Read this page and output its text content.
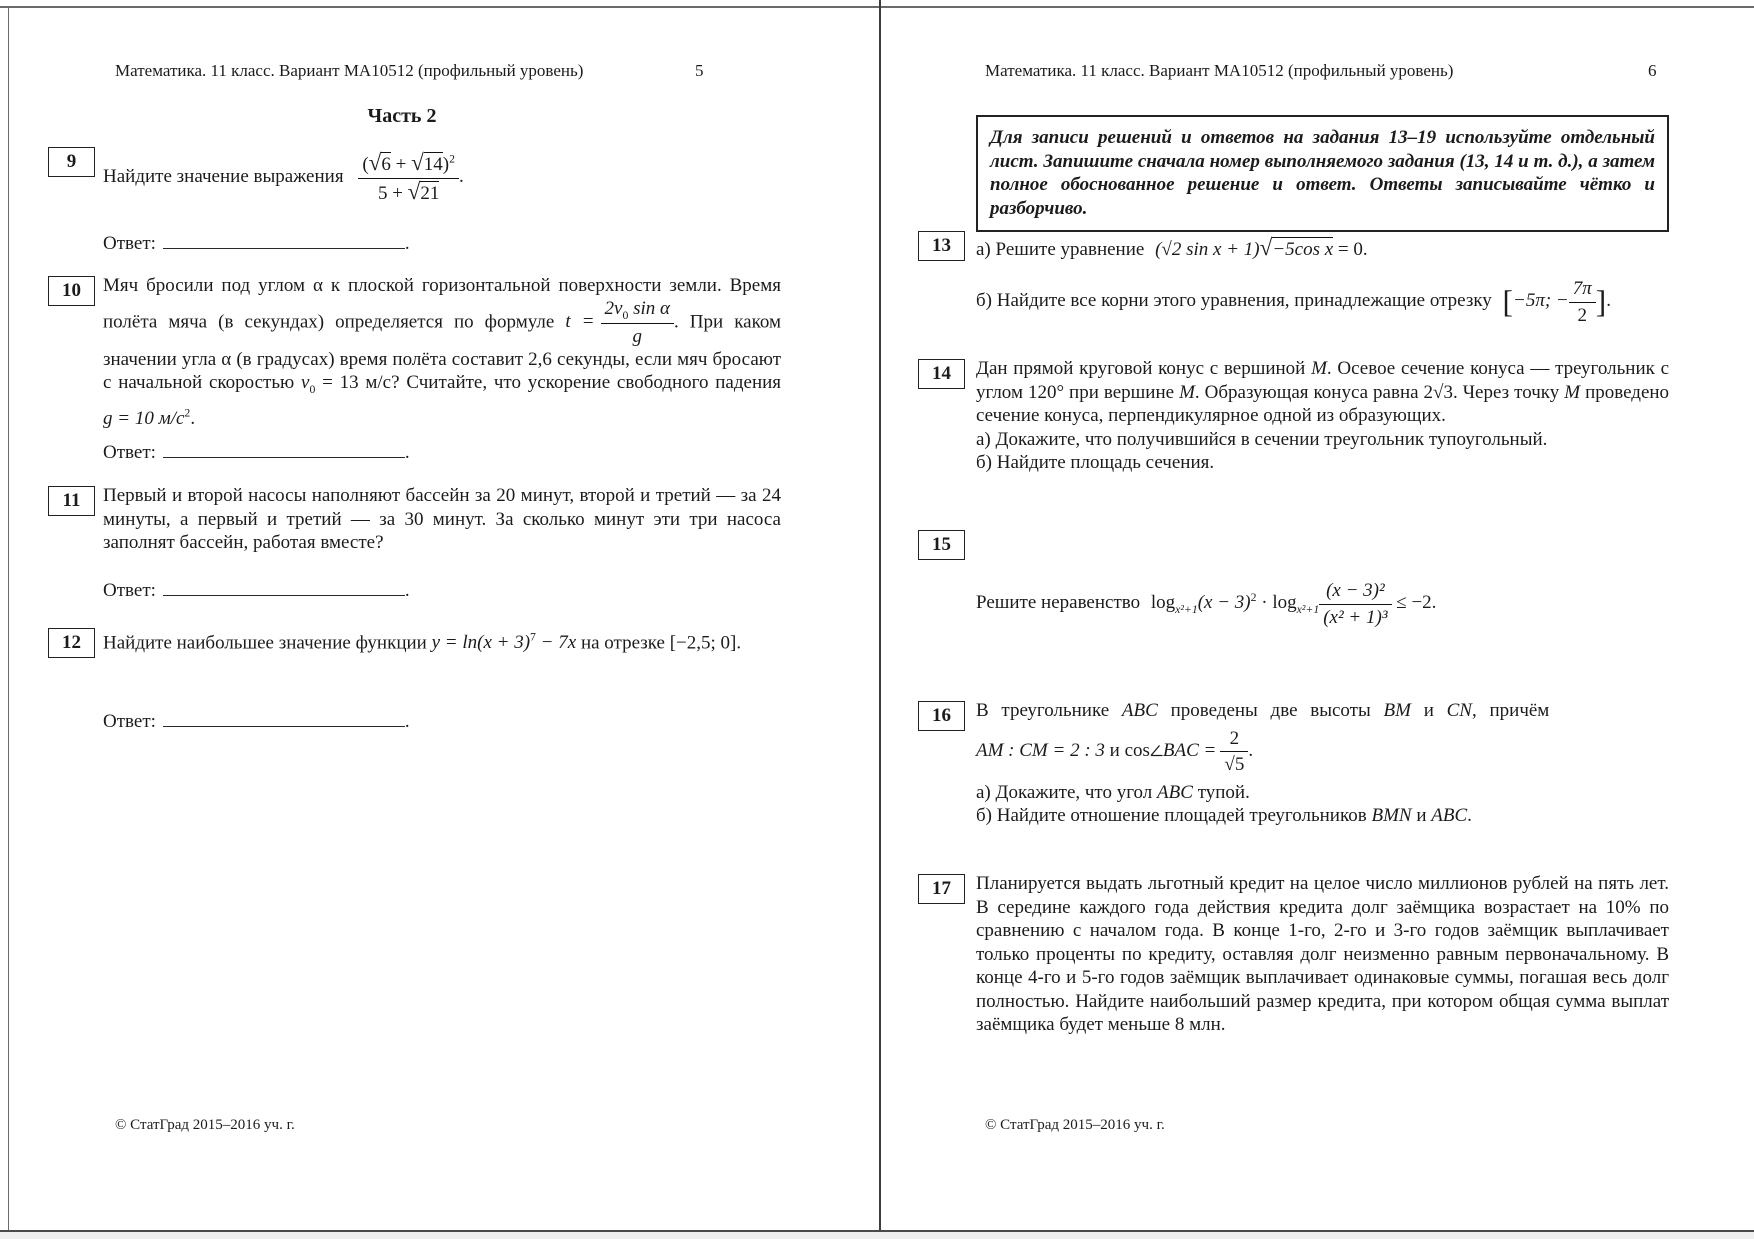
Математика. 11 класс. Вариант МА10512 (профильный уровень)	5
Часть 2
9
Найдите значение выражения $\frac{(√6 + √14)^2}{5 + √21}$ .
Ответ:	.
10 Мяч бросили под углом α к плоской горизонтальной поверхности земли. Время полёта мяча (в секундах) определяется по формуле $t = \frac{2v_0 \sin \alpha}{g}$ . При каком значении угла α (в градусах) время полёта составит 2,6 секунды, если мяч бросают с начальной скоростью $v_0 = 13$ м/с? Считайте, что ускорение свободного падения g = 10 $м/с^2$.

Ответ:	.
11 Первый и второй насосы наполняют бассейн за 20 минут, второй и третий — за 24 минуты, а первый и третий — за 30 минут. За сколько минут эти три насоса заполнят бассейн, работая вместе?

Ответ:	.
12 Найдите наибольшее значение функции $y = \ln(x + 3)^7 - 7x$ на отрезке [−2,5; 0].

Ответ:	.
© СтатГрад 2015–2016 уч. г.
Математика. 11 класс. Вариант МА10512 (профильный уровень)	6

Для записи решений и ответов на задания 13–19 используйте отдельный лист. Запишите сначала номер выполняемого задания (13, 14 и т. д.), а затем полное обоснованное решение и ответ. Ответы записывайте чётко и разборчиво.

13 а) Решите уравнение (√2 sin x + 1)√−5cos x = 0.
б) Найдите все корни этого уравнения, принадлежащие отрезку [−5π; − $\frac{7\pi}{2}$ ].
14 Дан прямой круговой конус с вершиной M. Осевое сечение конуса — треугольник с углом 120° при вершине M. Образующая конуса равна 2√3. Через точку M проведено сечение конуса, перпендикулярное одной из образующих.

а) Докажите, что получившийся в сечении треугольник тупоугольный.
б) Найдите площадь сечения.
15
Решите неравенство $\log_{x^2+1}(x - 3)^2 \cdot \log_{x^2+1} \frac{\text{(x − 3)²}}{\text{(x² + 1)³}} \le -2$.
16 В треугольнике ABC проведены две высоты BM и CN, причём
AM : CM = 2 : 3 и cos BAC = $\frac{2}{√5}$ .
а) Докажите, что угол ABC тупой.
б) Найдите отношение площадей треугольников BMN и ABC.
17 Планируется выдать льготный кредит на целое число миллионов рублей на пять лет. В середине каждого года действия кредита долг заёмщика возрастает на 10% по сравнению с началом года. В конце 1-го, 2-го и 3-го годов заёмщик выплачивает только проценты по кредиту, оставляя долг неизменно равным первоначальному. В конце 4-го и 5-го годов заёмщик выплачивает одинаковые суммы, погашая весь долг полностью. Найдите наибольший размер кредита, при котором общая сумма выплат заёмщика будет меньше 8 млн.

© СтатГрад 2015–2016 уч. г.
